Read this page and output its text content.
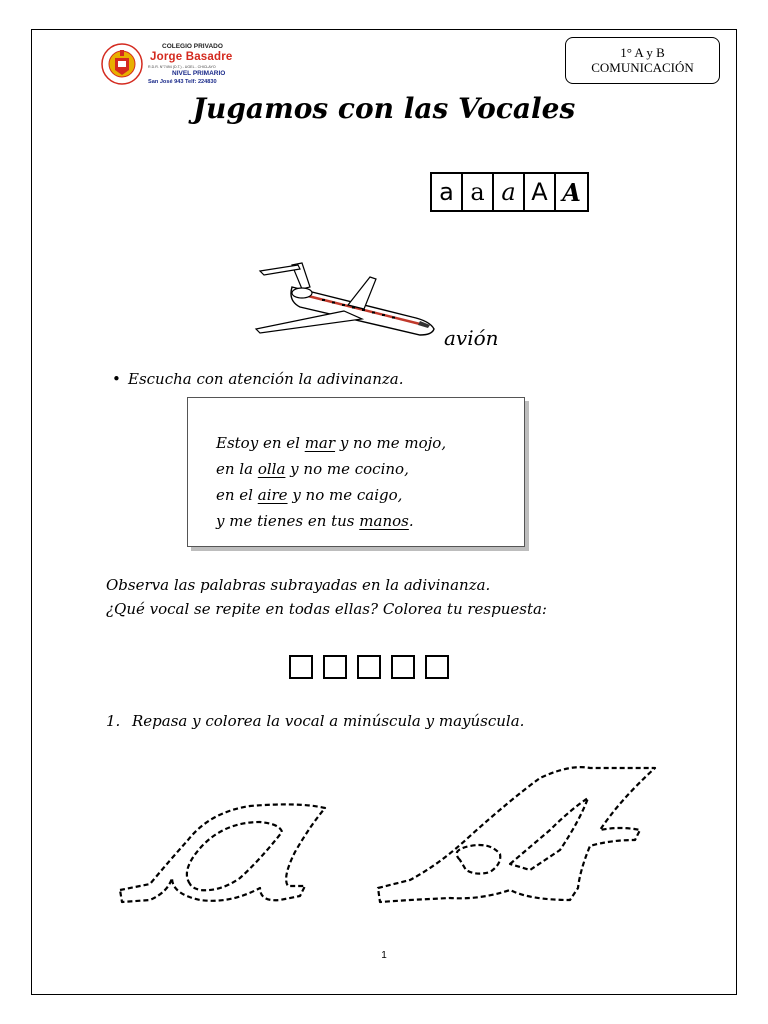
COLEGIO PRIVADO
Jorge Basadre
R.D.R. N°7494 (D.T.) - UGEL - CHICLAYO
NIVEL PRIMARIO
San José 943 Telf: 224830
1° A y B
COMUNICACIÓN
Jugamos con las Vocales
a a a A A
avión
• Escucha con atención la adivinanza.
Estoy en el mar y no me mojo,
en la olla y no me cocino,
en el aire y no me caigo,
y me tienes en tus manos.
Observa las palabras subrayadas en la adivinanza.
¿Qué vocal se repite en todas ellas? Colorea tu respuesta:
1. Repasa y colorea la vocal a minúscula y mayúscula.
1
